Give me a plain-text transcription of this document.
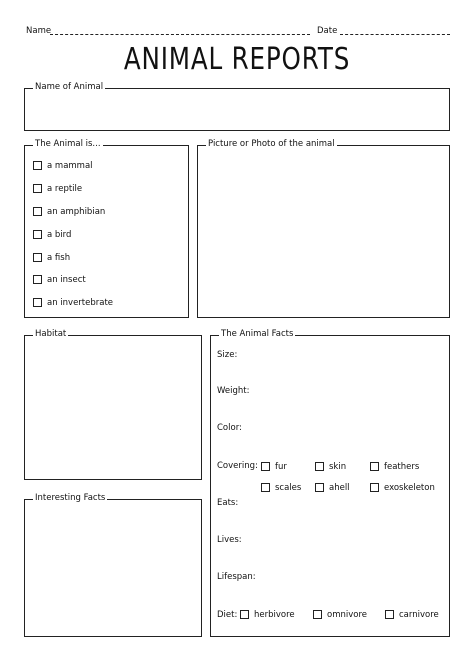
Name	Date
ANIMAL REPORTS
Name of Animal
The Animal is...
a mammal
a reptile
an amphibian
a bird
a fish
an insect
an invertebrate
Picture or Photo of the animal
Habitat
Interesting Facts
The Animal Facts
Size:
Weight:
Color:
Covering: fur	skin	feathers
scales	ahell	exoskeleton
Eats:
Lives:
Lifespan:
Diet: herbivore	omnivore	carnivore
